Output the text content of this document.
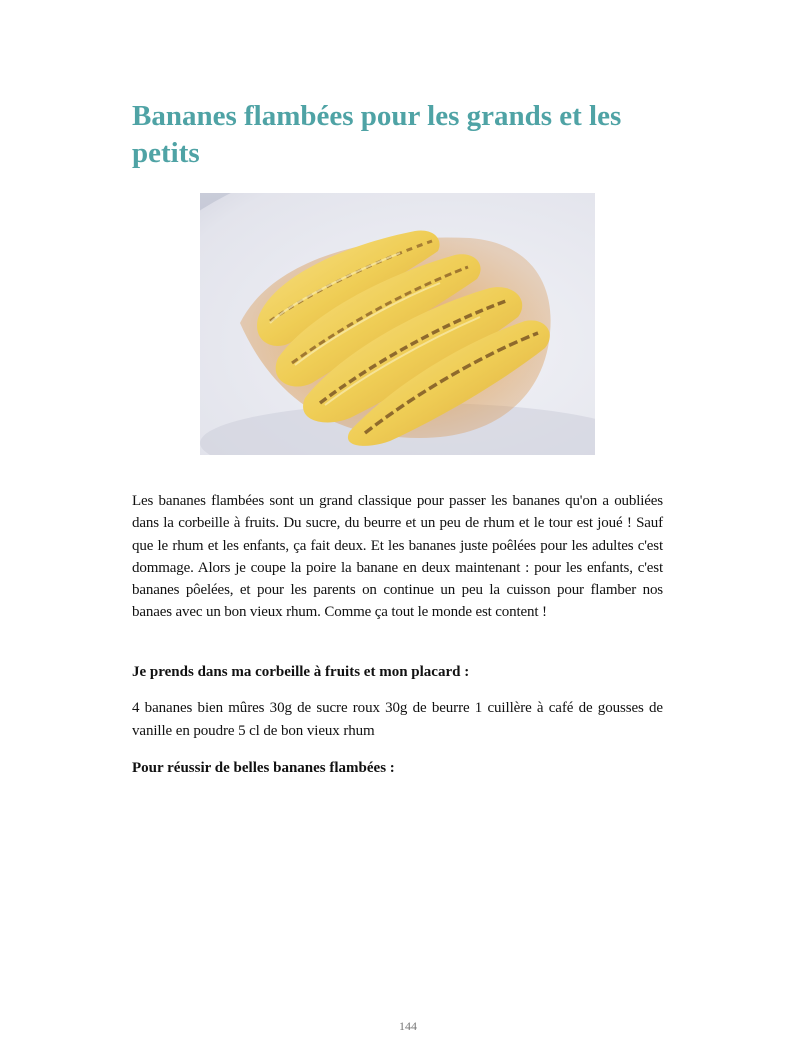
Bananes flambées pour les grands et les petits

Les bananes flambées sont un grand classique pour passer les bananes qu'on a oubliées dans la corbeille à fruits. Du sucre, du beurre et un peu de rhum et le tour est joué ! Sauf que le rhum et les enfants, ça fait deux. Et les bananes juste poêlées pour les adultes c'est dommage. Alors je coupe la poire la banane en deux maintenant : pour les enfants, c'est bananes pôelées, et pour les parents on continue un peu la cuisson pour flamber nos banaes avec un bon vieux rhum. Comme ça tout le monde est content !

Je prends dans ma corbeille à fruits et mon placard :

4 bananes bien mûres 30g de sucre roux 30g de beurre 1 cuillère à café de gousses de vanille en poudre 5 cl de bon vieux rhum

Pour réussir de belles bananes flambées :

144
